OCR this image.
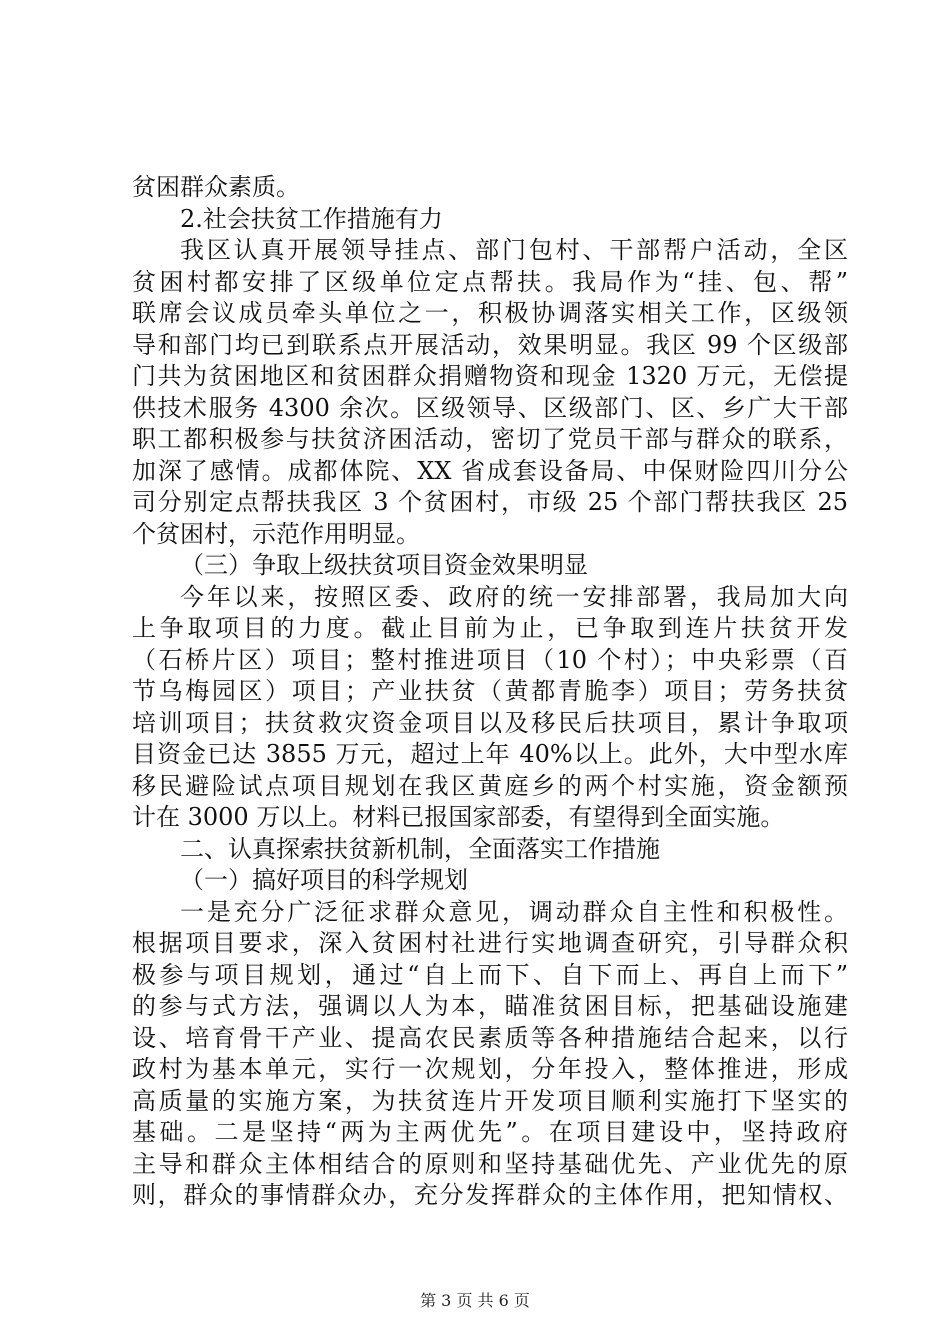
贫困群众素质。
2.社会扶贫工作措施有力
我区认真开展领导挂点、部门包村、干部帮户活动，全区
贫困村都安排了区级单位定点帮扶。我局作为“挂、包、帮”
联席会议成员牵头单位之一，积极协调落实相关工作，区级领
导和部门均已到联系点开展活动，效果明显。我区 99 个区级部
门共为贫困地区和贫困群众捐赠物资和现金 1320 万元，无偿提
供技术服务 4300 余次。区级领导、区级部门、区、乡广大干部
职工都积极参与扶贫济困活动，密切了党员干部与群众的联系，
加深了感情。成都体院、XX 省成套设备局、中保财险四川分公
司分别定点帮扶我区 3 个贫困村，市级 25 个部门帮扶我区 25
个贫困村，示范作用明显。
（三）争取上级扶贫项目资金效果明显
今年以来，按照区委、政府的统一安排部署，我局加大向
上争取项目的力度。截止目前为止，已争取到连片扶贫开发
（石桥片区）项目；整村推进项目（10 个村）；中央彩票（百
节乌梅园区）项目；产业扶贫（黄都青脆李）项目；劳务扶贫
培训项目；扶贫救灾资金项目以及移民后扶项目，累计争取项
目资金已达 3855 万元，超过上年 40%以上。此外，大中型水库
移民避险试点项目规划在我区黄庭乡的两个村实施，资金额预
计在 3000 万以上。材料已报国家部委，有望得到全面实施。
二、认真探索扶贫新机制，全面落实工作措施
（一）搞好项目的科学规划
一是充分广泛征求群众意见，调动群众自主性和积极性。
根据项目要求，深入贫困村社进行实地调查研究，引导群众积
极参与项目规划，通过“自上而下、自下而上、再自上而下”
的参与式方法，强调以人为本，瞄准贫困目标，把基础设施建
设、培育骨干产业、提高农民素质等各种措施结合起来，以行
政村为基本单元，实行一次规划，分年投入，整体推进，形成
高质量的实施方案，为扶贫连片开发项目顺利实施打下坚实的
基础。二是坚持“两为主两优先”。在项目建设中，坚持政府
主导和群众主体相结合的原则和坚持基础优先、产业优先的原
则，群众的事情群众办，充分发挥群众的主体作用，把知情权、
第 3 页 共 6 页
